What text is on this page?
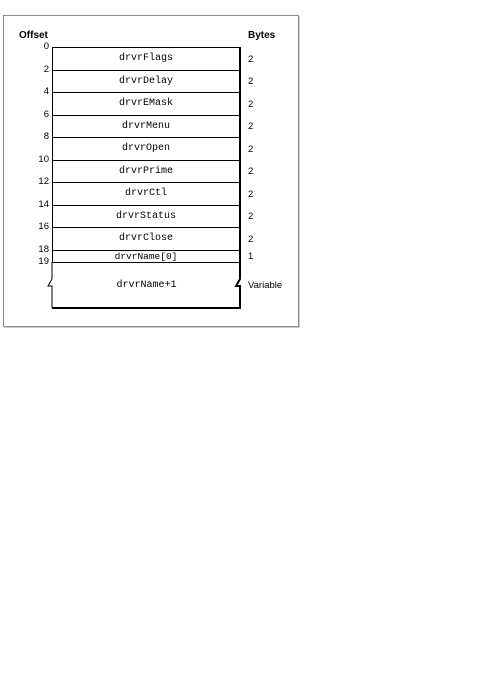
Offset	Bytes
drvrFlags
drvrDelay
drvrEMask
drvrMenu
drvrOpen
drvrPrime
drvrCtl
drvrStatus
drvrClose
drvrName[0]
drvrName+1
0
2
4
6
8
10
12
14
16
18
19
2
2
2
2
2
2
2
2
2
1
Variable
